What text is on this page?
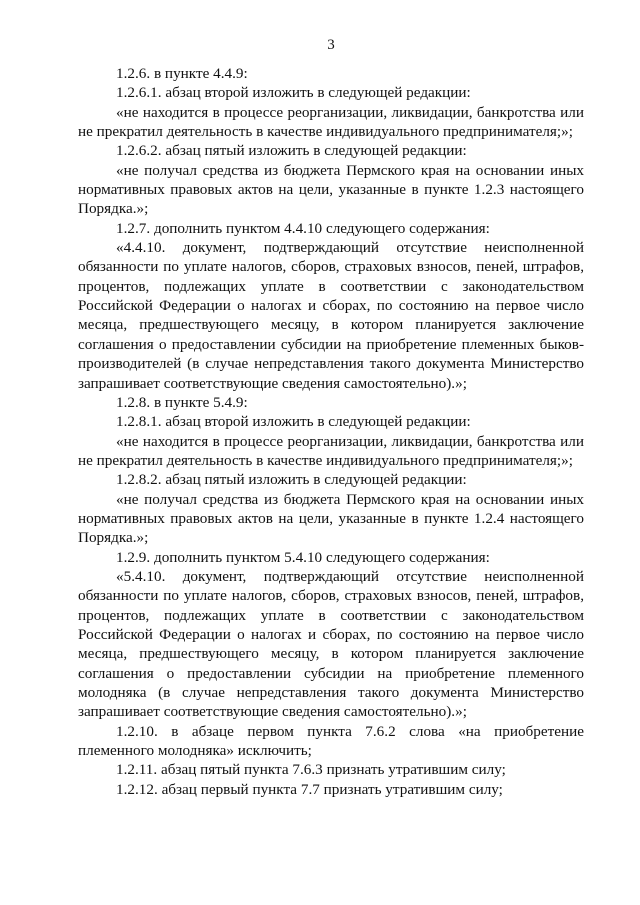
3

1.2.6. в пункте 4.4.9:

1.2.6.1. абзац второй изложить в следующей редакции:

«не находится в процессе реорганизации, ликвидации, банкротства или не прекратил деятельность в качестве индивидуального предпринимателя;»;

1.2.6.2. абзац пятый изложить в следующей редакции:

«не получал средства из бюджета Пермского края на основании иных нормативных правовых актов на цели, указанные в пункте 1.2.3 настоящего Порядка.»;

1.2.7. дополнить пунктом 4.4.10 следующего содержания:

«4.4.10. документ, подтверждающий отсутствие неисполненной обязанности по уплате налогов, сборов, страховых взносов, пеней, штрафов, процентов, подлежащих уплате в соответствии с законодательством Российской Федерации о налогах и сборах, по состоянию на первое число месяца, предшествующего месяцу, в котором планируется заключение соглашения о предоставлении субсидии на приобретение племенных быков-производителей (в случае непредставления такого документа Министерство запрашивает соответствующие сведения самостоятельно).»;

1.2.8. в пункте 5.4.9:

1.2.8.1. абзац второй изложить в следующей редакции:

«не находится в процессе реорганизации, ликвидации, банкротства или не прекратил деятельность в качестве индивидуального предпринимателя;»;

1.2.8.2. абзац пятый изложить в следующей редакции:

«не получал средства из бюджета Пермского края на основании иных нормативных правовых актов на цели, указанные в пункте 1.2.4 настоящего Порядка.»;

1.2.9. дополнить пунктом 5.4.10 следующего содержания:

«5.4.10. документ, подтверждающий отсутствие неисполненной обязанности по уплате налогов, сборов, страховых взносов, пеней, штрафов, процентов, подлежащих уплате в соответствии с законодательством Российской Федерации о налогах и сборах, по состоянию на первое число месяца, предшествующего месяцу, в котором планируется заключение соглашения о предоставлении субсидии на приобретение племенного молодняка (в случае непредставления такого документа Министерство запрашивает соответствующие сведения самостоятельно).»;

1.2.10. в абзаце первом пункта 7.6.2 слова «на приобретение племенного молодняка» исключить;

1.2.11. абзац пятый пункта 7.6.3 признать утратившим силу;

1.2.12. абзац первый пункта 7.7 признать утратившим силу;
